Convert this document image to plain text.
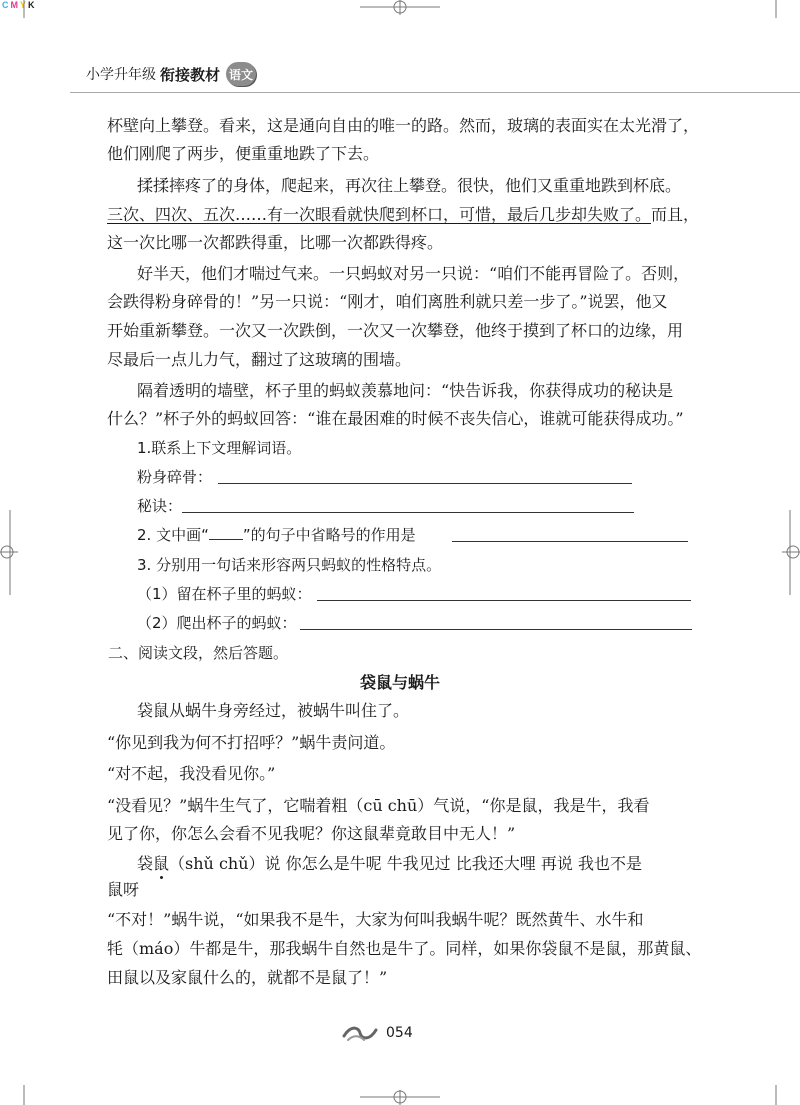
CMYK
小学升年级 衔接教材 语文
杯壁向上攀登。看来，这是通向自由的唯一的路。然而，玻璃的表面实在太光滑了，
他们刚爬了两步，便重重地跌了下去。
揉揉摔疼了的身体，爬起来，再次往上攀登。很快，他们又重重地跌到杯底。
三次、四次、五次……有一次眼看就快爬到杯口，可惜，最后几步却失败了。而且，
这一次比哪一次都跌得重，比哪一次都跌得疼。
好半天，他们才喘过气来。一只蚂蚁对另一只说：“咱们不能再冒险了。否则，
会跌得粉身碎骨的！”另一只说：“刚才，咱们离胜利就只差一步了。”说罢，他又
开始重新攀登。一次又一次跌倒，一次又一次攀登，他终于摸到了杯口的边缘，用
尽最后一点儿力气，翻过了这玻璃的围墙。
隔着透明的墙壁，杯子里的蚂蚁羡慕地问：“快告诉我，你获得成功的秘诀是
什么？”杯子外的蚂蚁回答：“谁在最困难的时候不丧失信心，谁就可能获得成功。”
1.联系上下文理解词语。
粉身碎骨：
秘诀：
2. 文中画“ ”的句子中省略号的作用是
3. 分别用一句话来形容两只蚂蚁的性格特点。
（1）留在杯子里的蚂蚁：
（2）爬出杯子的蚂蚁：
二、阅读文段，然后答题。
袋鼠与蜗牛
袋鼠从蜗牛身旁经过，被蜗牛叫住了。
“你见到我为何不打招呼？”蜗牛责问道。
“对不起，我没看见你。”
“没看见？”蜗牛生气了，它喘着粗（cū chū）气说，“你是鼠，我是牛，我看
见了你，你怎么会看不见我呢？你这鼠辈竟敢目中无人！”
袋鼠（shǔ chǔ）说 你怎么是牛呢 牛我见过 比我还大哩 再说 我也不是
鼠呀
“不对！”蜗牛说，“如果我不是牛，大家为何叫我蜗牛呢？既然黄牛、水牛和
牦（máo）牛都是牛，那我蜗牛自然也是牛了。同样，如果你袋鼠不是鼠，那黄鼠、
田鼠以及家鼠什么的，就都不是鼠了！”
054
